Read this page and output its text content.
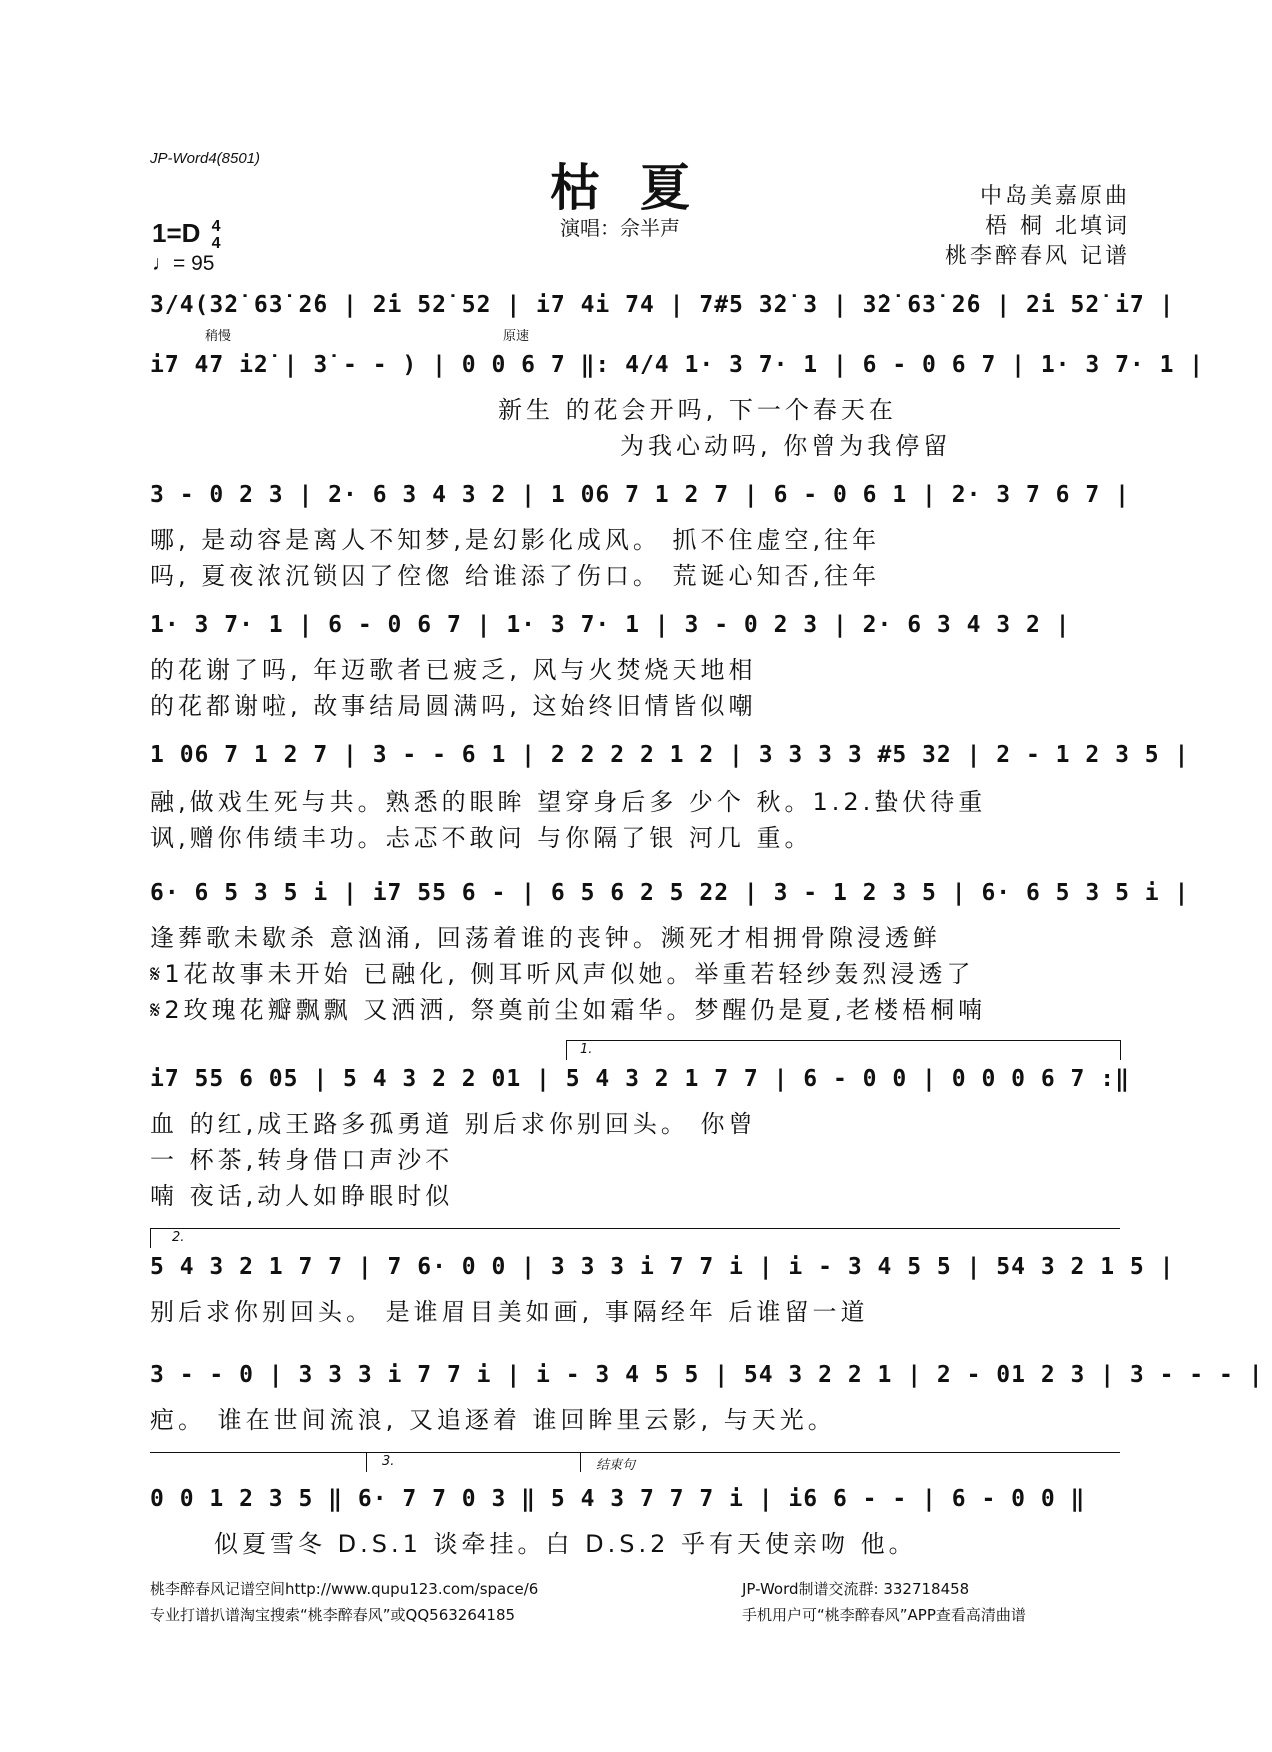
JP-Word4(8501)
枯夏
演唱：佘半声
中岛美嘉原曲
梧 桐 北填词
桃李醉春风 记谱
1=D 4
4
♩= 95
3/4(3̇2̇ 63̇ 2̇6 | 2̇i 52̇ 52 | i7 4i 74 | 7#5 3̇2̇ 3 | 3̇2̇ 63̇ 2̇6 | 2̇i 52̇ i7 |
稍慢	原速
i7 47 i2̇ | 3̇ - - ) | 0 0 6 7 ‖: 4/4 1· 3 7· 1 | 6 - 0 6 7 | 1· 3 7· 1 |
新生 的花会开吗, 下一个春天在
为我心动吗, 你曾为我停留
3 - 0 2 3 | 2· 6 3 4 3 2 | 1 06 7 1 2 7 | 6 - 0 6 1 | 2· 3 7 6 7 |
哪, 是动容是离人不知梦,是幻影化成风。 抓不住虚空,往年
吗, 夏夜浓沉锁囚了倥偬 给谁添了伤口。 荒诞心知否,往年
1· 3 7· 1 | 6 - 0 6 7 | 1· 3 7· 1 | 3 - 0 2 3 | 2· 6 3 4 3 2 |
的花谢了吗, 年迈歌者已疲乏, 风与火焚烧天地相
的花都谢啦, 故事结局圆满吗, 这始终旧情皆似嘲
1 06 7 1 2 7 | 3 - - 6 1 | 2 2 2 2 1 2 | 3 3 3 3 #5 32 | 2 - 1 2 3 5 |
融,做戏生死与共。熟悉的眼眸 望穿身后多 少个 秋。1.2.蛰伏待重
讽,赠你伟绩丰功。忐忑不敢问 与你隔了银 河几 重。
6· 6 5 3 5 i | i7 55 6 - | 6 5 6 2 5 22 | 3 - 1 2 3 5 | 6· 6 5 3 5 i |
逢葬歌未歇杀 意汹涌, 回荡着谁的丧钟。濒死才相拥骨隙浸透鲜
𝄋1花故事未开始 已融化, 侧耳听风声似她。举重若轻纱轰烈浸透了
𝄋2玫瑰花瓣飘飘 又洒洒, 祭奠前尘如霜华。梦醒仍是夏,老楼梧桐喃
1.
i7 55 6 05 | 5 4 3 2 2 01 | 5 4 3 2 1 7 7 | 6 - 0 0 | 0 0 0 6 7 :‖
血 的红,成王路多孤勇道 别后求你别回头。 你曾
一 杯茶,转身借口声沙不
喃 夜话,动人如睁眼时似
2.
5 4 3 2 1 7 7 | 7 6· 0 0 | 3 3 3 i 7 7 i | i - 3 4 5 5 | 54 3 2 1 5 |
别后求你别回头。 是谁眉目美如画, 事隔经年 后谁留一道
3 - - 0 | 3 3 3 i 7 7 i | i - 3 4 5 5 | 54 3 2 2 1 | 2 - 01 2 3 | 3 - - - |
疤。 谁在世间流浪, 又追逐着 谁回眸里云影, 与天光。
3.	结束句
0 0 1 2 3 5 ‖ 6· 7 7 0 3 ‖ 5 4 3 7 7 7 i | i6 6 - - | 6 - 0 0 ‖
似夏雪冬 D.S.1 谈牵挂。白 D.S.2 乎有天使亲吻 他。
桃李醉春风记谱空间http://www.qupu123.com/space/6
专业打谱扒谱淘宝搜索“桃李醉春风”或QQ563264185
JP-Word制谱交流群: 332718458
手机用户可“桃李醉春风”APP查看高清曲谱
